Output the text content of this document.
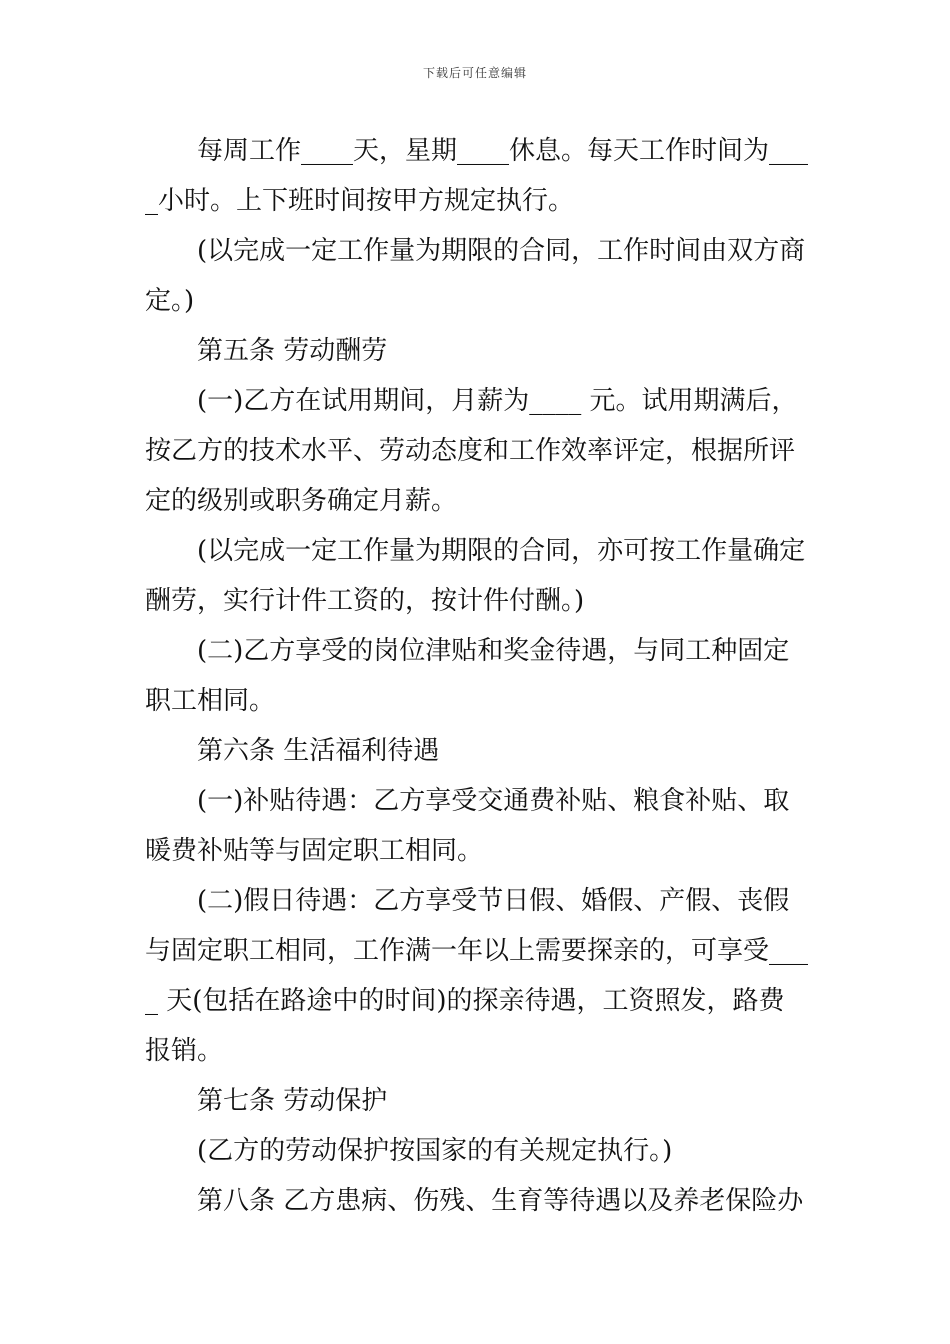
下载后可任意编辑
每周工作____天，星期____休息。每天工作时间为___
_小时。上下班时间按甲方规定执行。
(以完成一定工作量为期限的合同，工作时间由双方商
定。)
第五条 劳动酬劳
(一)乙方在试用期间，月薪为____ 元。试用期满后，
按乙方的技术水平、劳动态度和工作效率评定，根据所评
定的级别或职务确定月薪。
(以完成一定工作量为期限的合同，亦可按工作量确定
酬劳，实行计件工资的，按计件付酬。)
(二)乙方享受的岗位津贴和奖金待遇，与同工种固定
职工相同。
第六条 生活福利待遇
(一)补贴待遇：乙方享受交通费补贴、粮食补贴、取
暖费补贴等与固定职工相同。
(二)假日待遇：乙方享受节日假、婚假、产假、丧假
与固定职工相同，工作满一年以上需要探亲的，可享受___
_ 天(包括在路途中的时间)的探亲待遇，工资照发，路费
报销。
第七条 劳动保护
(乙方的劳动保护按国家的有关规定执行。)
第八条 乙方患病、伤残、生育等待遇以及养老保险办
